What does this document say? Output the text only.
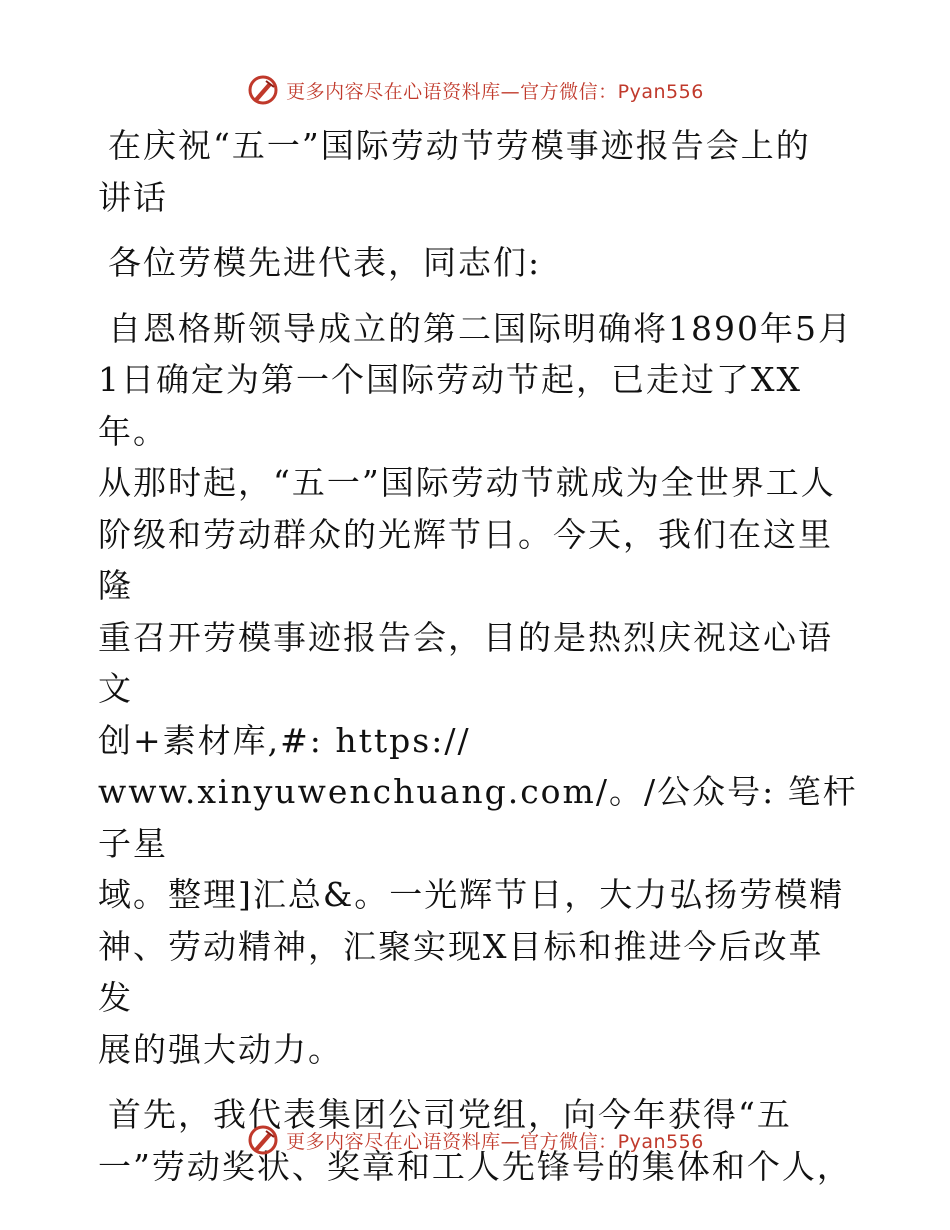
更多内容尽在心语资料库—官方微信：Pyan556

在庆祝“五一”国际劳动节劳模事迹报告会上的
讲话

各位劳模先进代表，同志们:

自恩格斯领导成立的第二国际明确将1890年5月
1日确定为第一个国际劳动节起，已走过了XX年。
从那时起，“五一”国际劳动节就成为全世界工人
阶级和劳动群众的光辉节日。今天，我们在这里隆
重召开劳模事迹报告会，目的是热烈庆祝这心语文
创+素材库,#: https://
www.xinyuwenchuang.com/。/公众号: 笔杆子星
域。整理]汇总&。一光辉节日，大力弘扬劳模精
神、劳动精神，汇聚实现X目标和推进今后改革发
展的强大动力。

首先，我代表集团公司党组，向今年获得“五
一”劳动奖状、奖章和工人先锋号的集体和个人，

更多内容尽在心语资料库—官方微信：Pyan556
